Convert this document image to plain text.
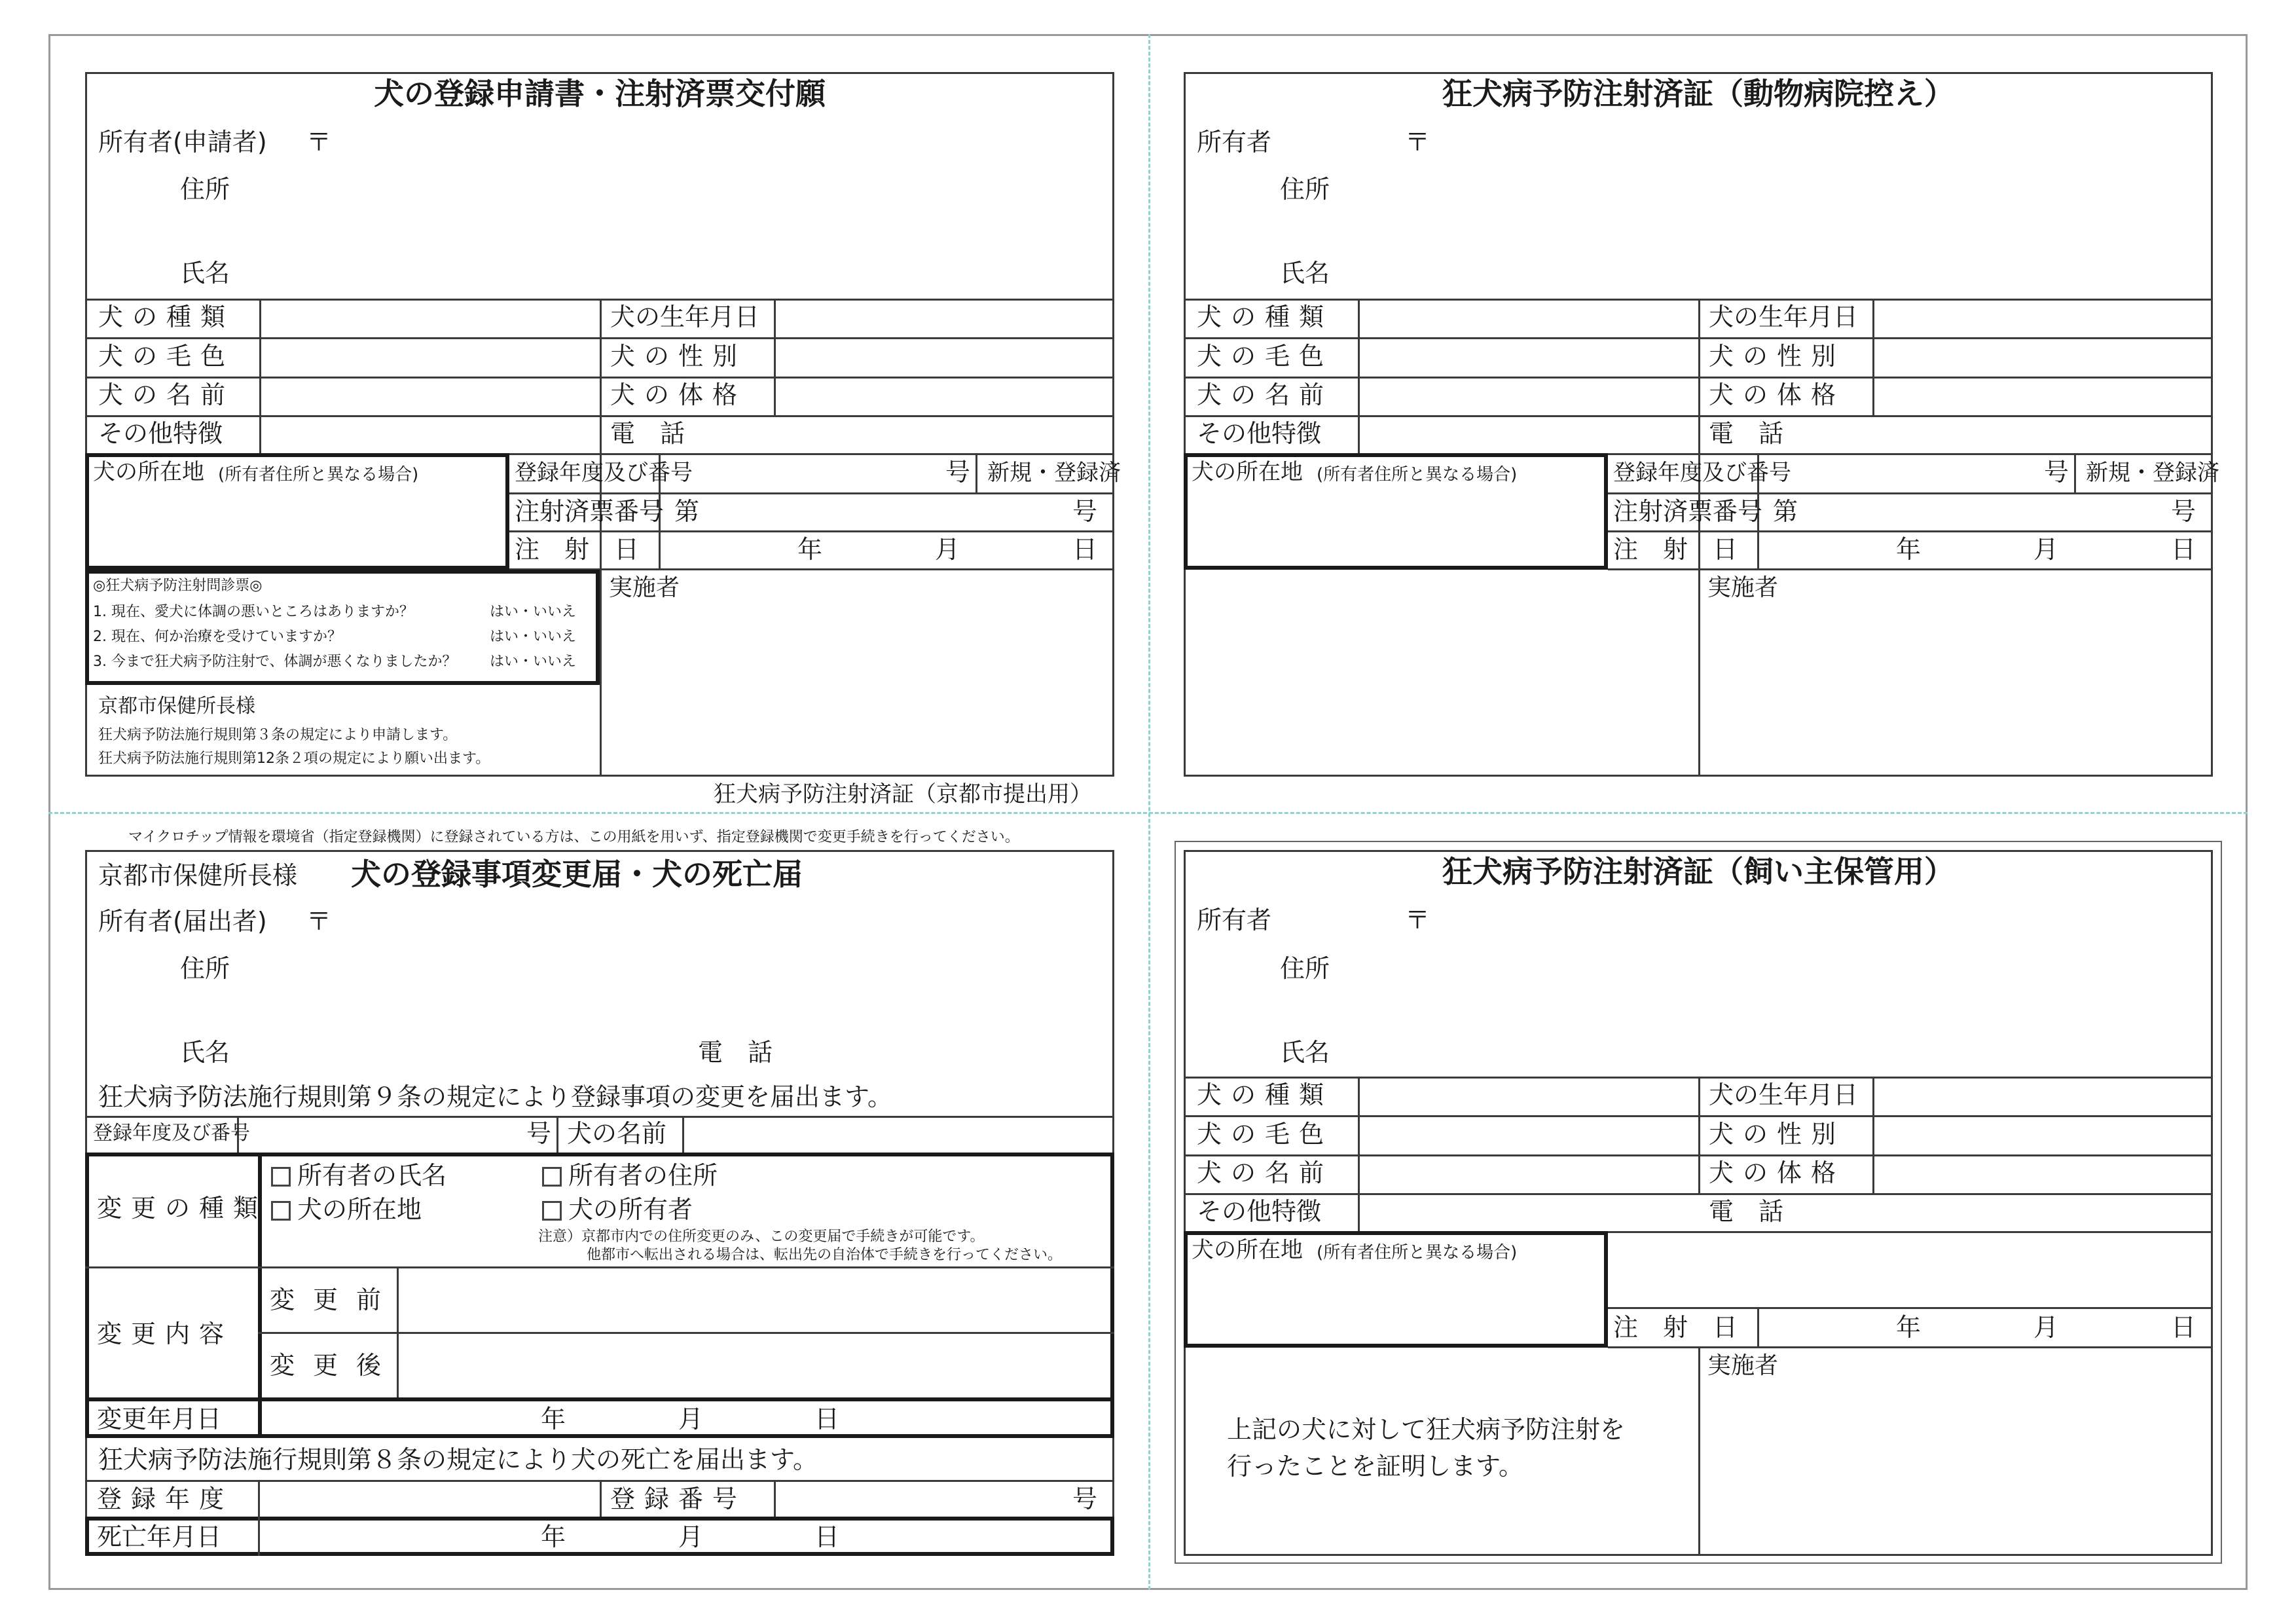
犬の登録申請書・注射済票交付願
所有者(申請者) 〒
住所
氏名
犬の種類	犬の生年月日
犬の毛色	犬の性別
犬の名前	犬の体格
その他特徴	電　話
犬の所在地 (所有者住所と異なる場合)	登録年度及び番号	号 新規・登録済
注射済票番号 第	号
注　射　日	年	月	日
実施者
◎狂犬病予防注射問診票◎
1. 現在、愛犬に体調の悪いところはありますか？	はい・いいえ
2. 現在、何か治療を受けていますか？	はい・いいえ
3. 今まで狂犬病予防注射で、体調が悪くなりましたか？ はい・いいえ
京都市保健所長様
狂犬病予防法施行規則第３条の規定により申請します。
狂犬病予防法施行規則第12条２項の規定により願い出ます。
狂犬病予防注射済証（京都市提出用）
狂犬病予防注射済証（動物病院控え）
所有者	〒
住所
氏名
犬の種類	犬の生年月日
犬の毛色	犬の性別
犬の名前	犬の体格
その他特徴	電　話
犬の所在地 (所有者住所と異なる場合)	登録年度及び番号	号 新規・登録済
注射済票番号 第	号
注　射　日	年	月	日
実施者
マイクロチップ情報を環境省（指定登録機関）に登録されている方は、この用紙を用いず、指定登録機関で変更手続きを行ってください。
京都市保健所長様 犬の登録事項変更届・犬の死亡届
所有者(届出者) 〒
住所
氏名	電　話
狂犬病予防法施行規則第９条の規定により登録事項の変更を届出ます。
登録年度及び番号	号 犬の名前
変更の種類
所有者の氏名	所有者の住所
犬の所在地	犬の所有者
注意）京都市内での住所変更のみ、この変更届で手続きが可能です。
他都市へ転出される場合は、転出先の自治体で手続きを行ってください。
変更内容
変更前
変更後
変更年月日	年	月	日
狂犬病予防法施行規則第８条の規定により犬の死亡を届出ます。
登録年度	登録番号	号
死亡年月日	年	月	日
狂犬病予防注射済証（飼い主保管用）
所有者	〒
住所
氏名
犬の種類	犬の生年月日
犬の毛色	犬の性別
犬の名前	犬の体格
その他特徴	電　話
犬の所在地 (所有者住所と異なる場合)
注　射　日	年	月	日
実施者
上記の犬に対して狂犬病予防注射を
行ったことを証明します。
